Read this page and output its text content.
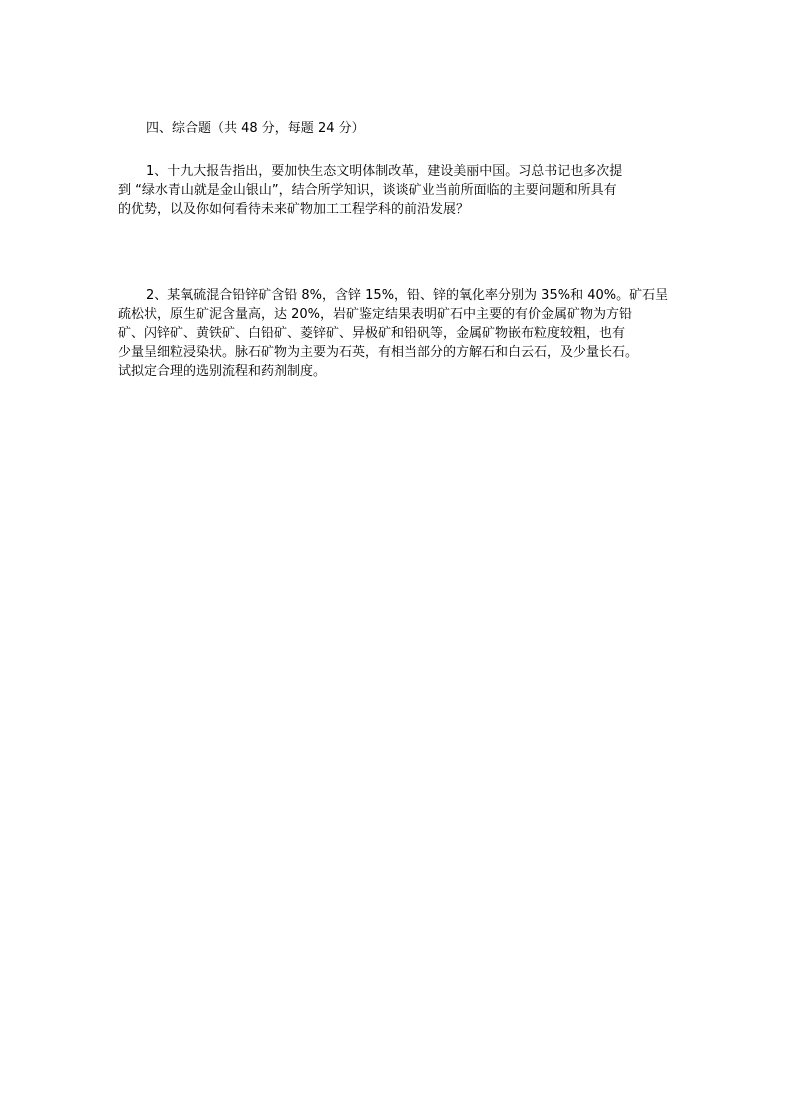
四、综合题（共 48 分，每题 24 分）
1、十九大报告指出，要加快生态文明体制改革，建设美丽中国。习总书记也多次提
到 “绿水青山就是金山银山”，结合所学知识，谈谈矿业当前所面临的主要问题和所具有
的优势，以及你如何看待未来矿物加工工程学科的前沿发展？
2、某氧硫混合铅锌矿含铅 8%，含锌 15%，铅、锌的氧化率分别为 35%和 40%。矿石呈
疏松状，原生矿泥含量高，达 20%，岩矿鉴定结果表明矿石中主要的有价金属矿物为方铅
矿、闪锌矿、黄铁矿、白铅矿、菱锌矿、异极矿和铅矾等，金属矿物嵌布粒度较粗，也有
少量呈细粒浸染状。脉石矿物为主要为石英，有相当部分的方解石和白云石，及少量长石。
试拟定合理的选别流程和药剂制度。
